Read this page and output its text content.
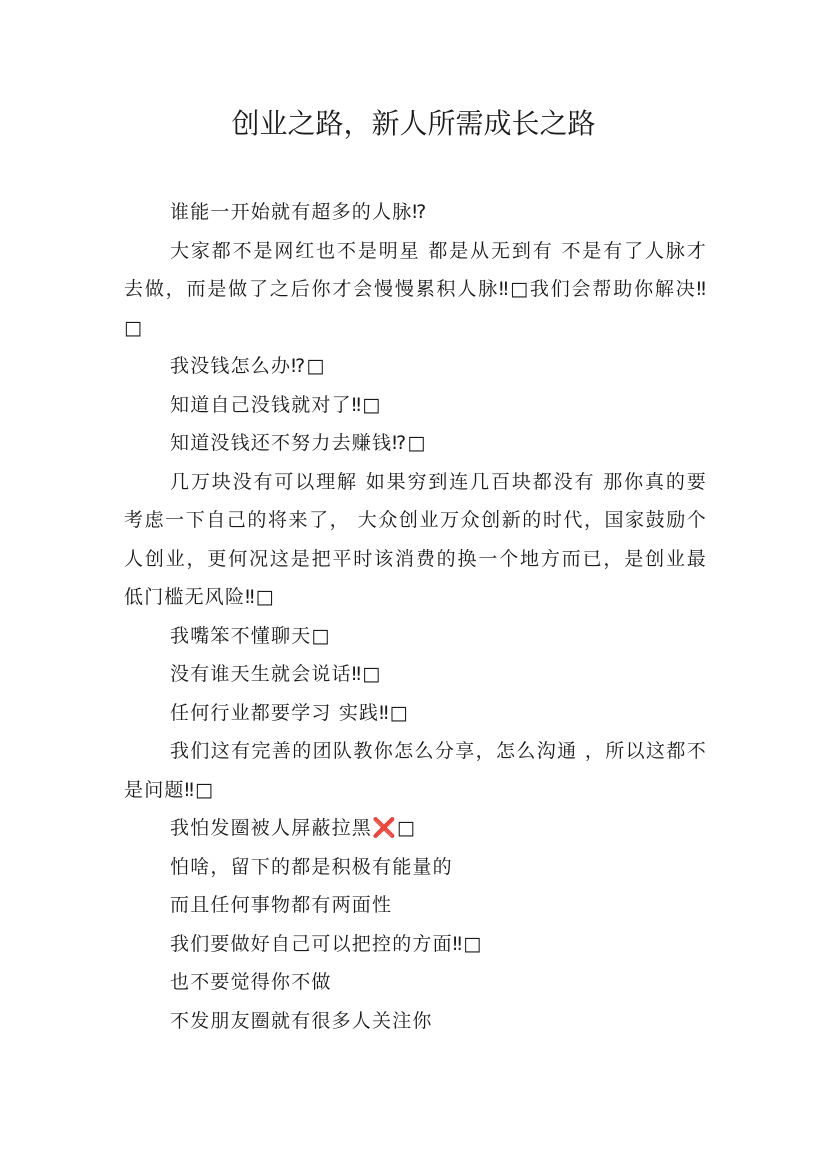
创业之路，新人所需成长之路

谁能一开始就有超多的人脉⁉

大家都不是网红也不是明星 都是从无到有 不是有了人脉才去做，而是做了之后你才会慢慢累积人脉‼□我们会帮助你解决‼□

我没钱怎么办⁉□

知道自己没钱就对了‼□

知道没钱还不努力去赚钱⁉□

几万块没有可以理解 如果穷到连几百块都没有 那你真的要考虑一下自己的将来了， 大众创业万众创新的时代，国家鼓励个人创业，更何况这是把平时该消费的换一个地方而已，是创业最低门槛无风险‼□

我嘴笨不懂聊天□

没有谁天生就会说话‼□

任何行业都要学习 实践‼□

我们这有完善的团队教你怎么分享，怎么沟通 ，所以这都不是问题‼□

我怕发圈被人屏蔽拉黑❌□

怕啥，留下的都是积极有能量的

而且任何事物都有两面性

我们要做好自己可以把控的方面‼□

也不要觉得你不做

不发朋友圈就有很多人关注你
